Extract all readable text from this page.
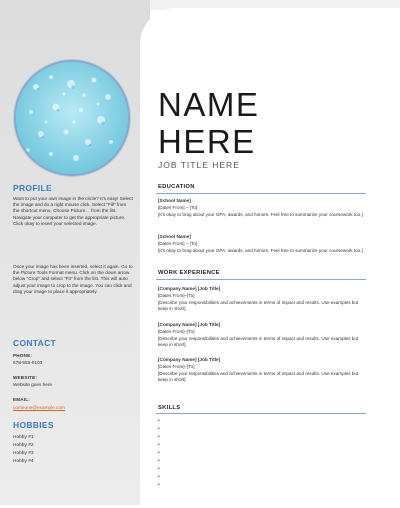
PROFILE
Want to put your own image in the circle? It's easy! Select the image and do a right mouse click. Select "Fill" from the shortcut menu. Choose Picture… from the list. Navigate your computer to get the appropriate picture. Click okay to insert your selected image.
Once your image has been inserted, select it again. Go to the Picture Tools Format menu. Click on the down arrow below "Crop" and select "Fit" from the list. This will auto adjust your image to crop to the image. You can click and drag your image to place it appropriately.
CONTACT
PHONE:
678-555-0103
WEBSITE:
Website goes here
EMAIL:
someone@example.com
HOBBIES
Hobby #1
Hobby #2
Hobby #3
Hobby #4
NAME
HERE
JOB TITLE HERE
EDUCATION
[School Name]
[Dates From] – [To]
[It's okay to brag about your GPA, awards, and honors. Feel free to summarize your coursework too.]
[School Name]
[Dates From] – [To]
[It's okay to brag about your GPA, awards, and honors. Feel free to summarize your coursework too.]
WORK EXPERIENCE
[Company Name] [Job Title]
[Dates From]–[To]
[Describe your responsibilities and achievements in terms of impact and results. Use examples but keep in short]
[Company Name] [Job Title]
[Dates From]–[To]
[Describe your responsibilities and achievements in terms of impact and results. Use examples but keep in short]
[Company Name] [Job Title]
[Dates From]–[To]
[Describe your responsibilities and achievements in terms of impact and results. Use examples but keep in short]
SKILLS
•
•
•
•
•
•
•
•
•
